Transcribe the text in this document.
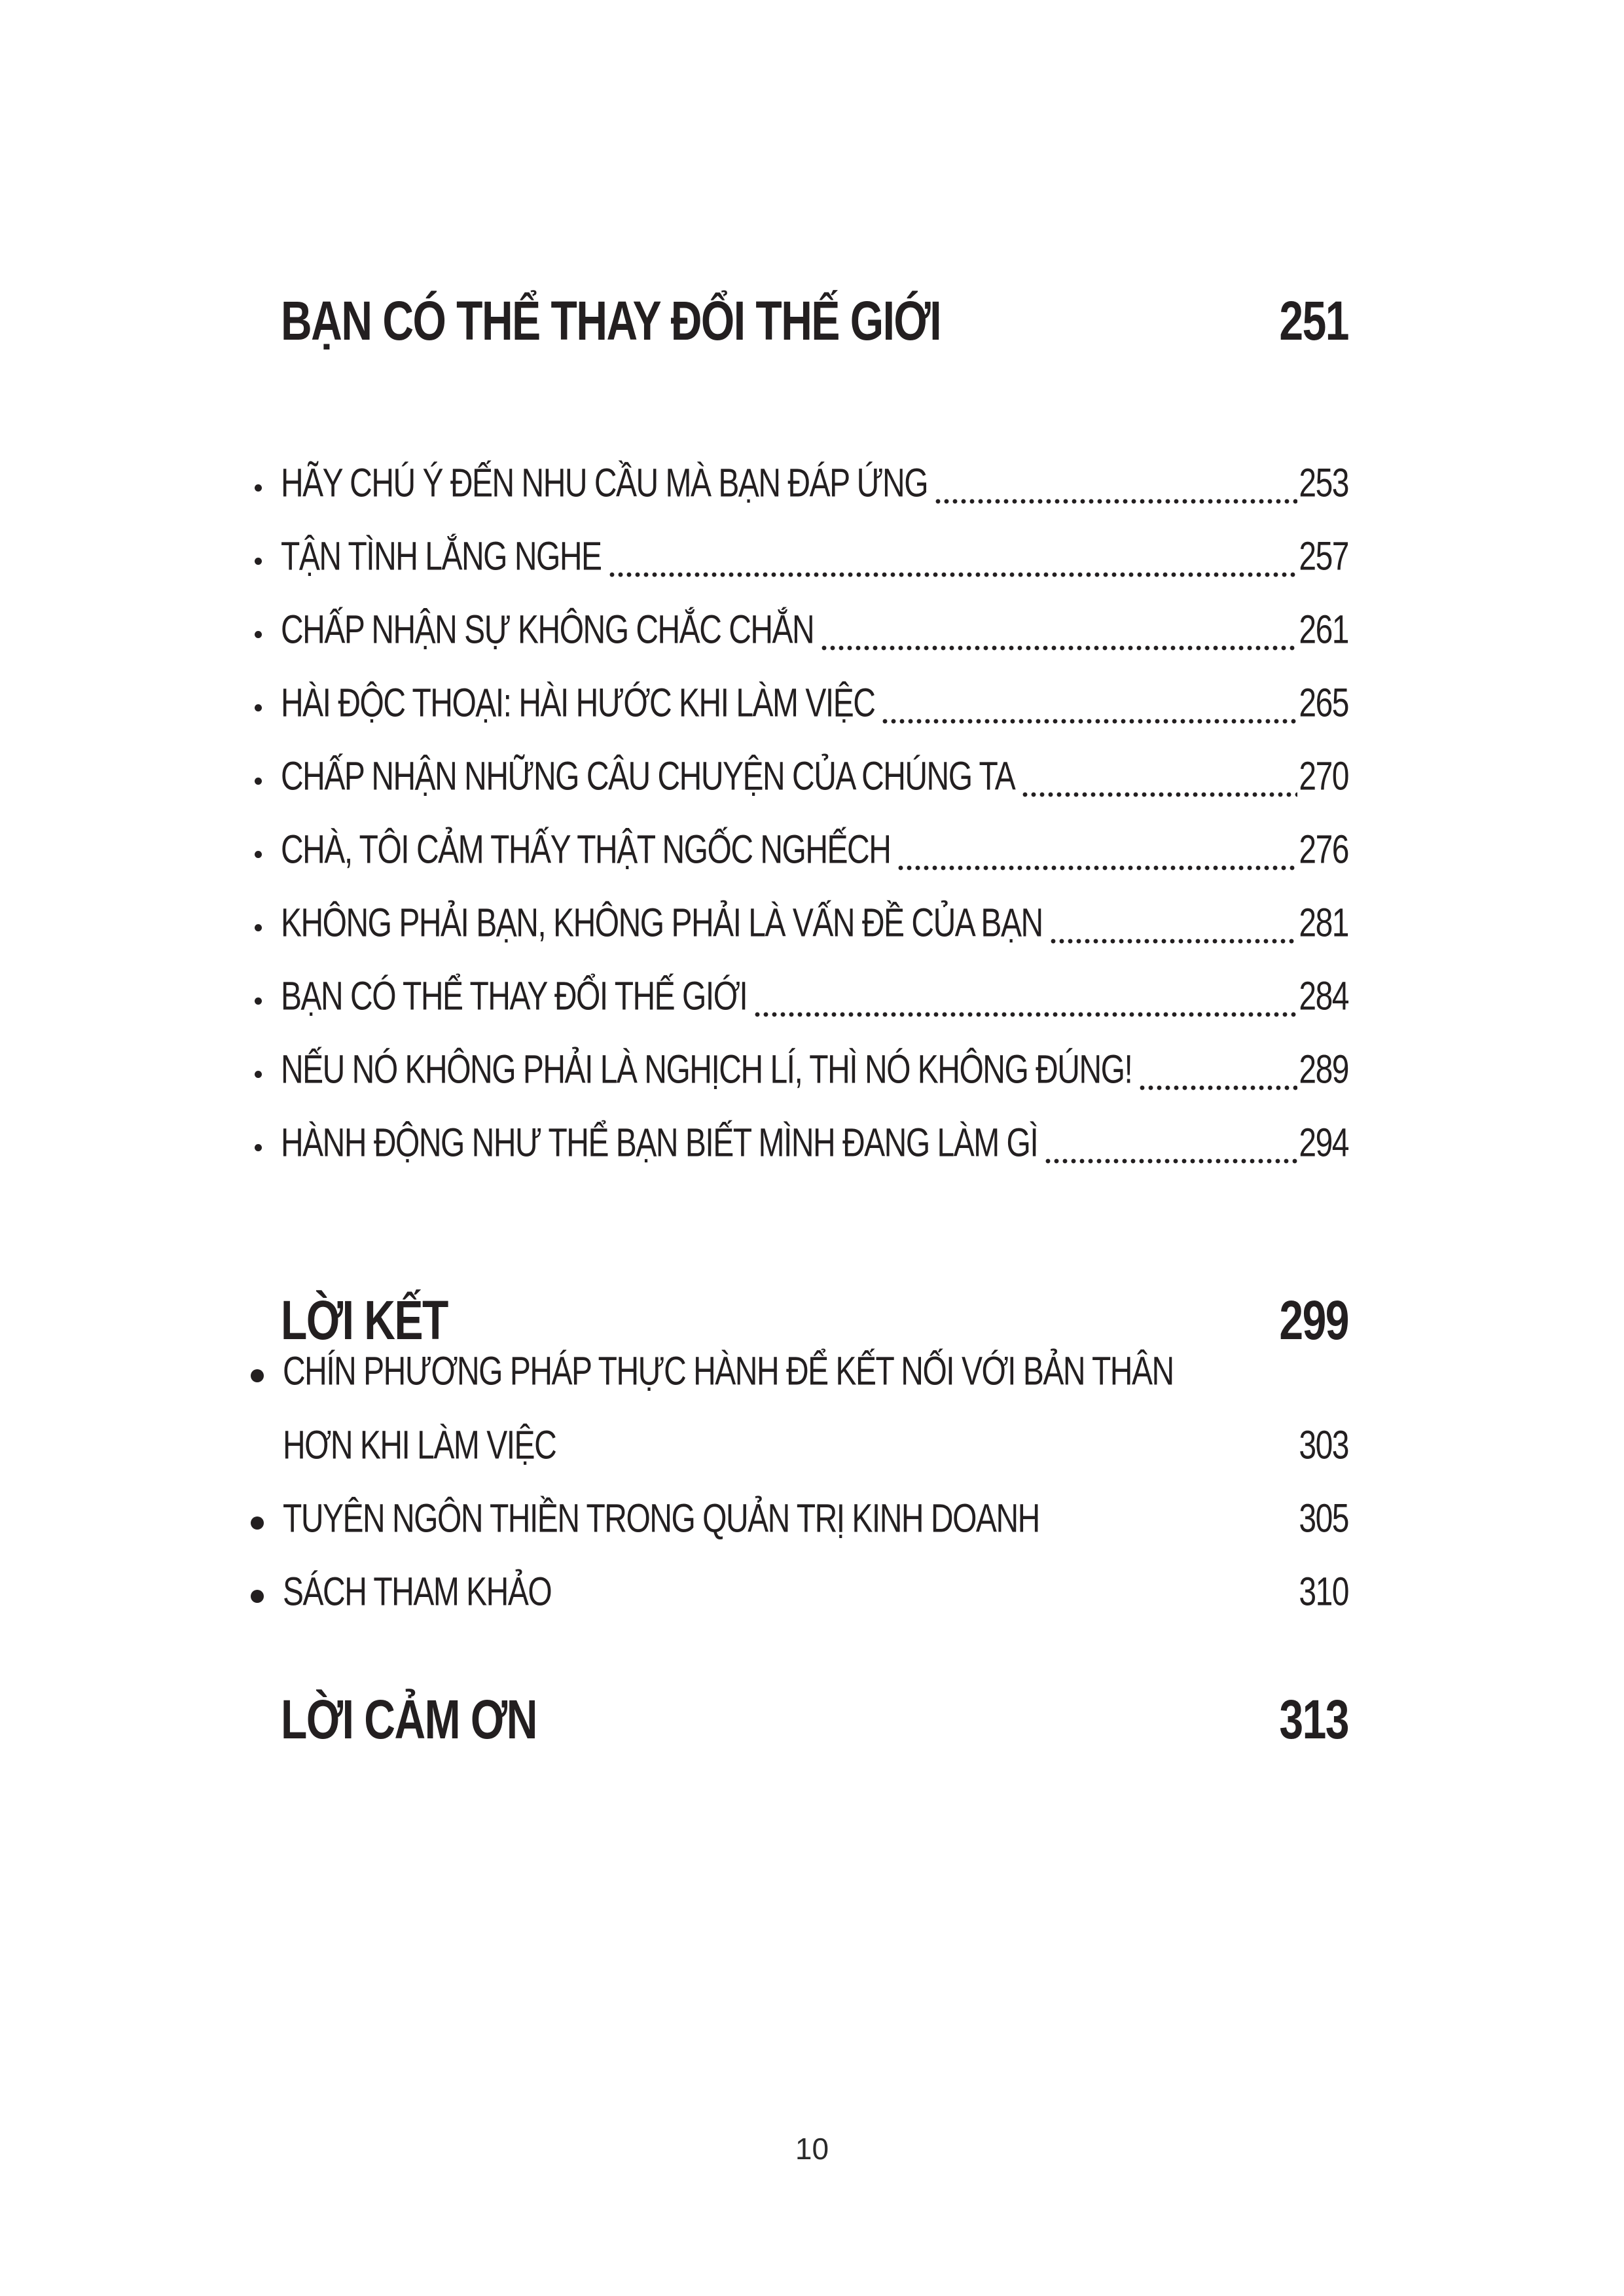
BẠN CÓ THỂ THAY ĐỔI THẾ GIỚI	251
HÃY CHÚ Ý ĐẾN NHU CẦU MÀ BẠN ĐÁP ỨNG	253
TẬN TÌNH LẮNG NGHE	257
CHẤP NHẬN SỰ KHÔNG CHẮC CHẮN	261
HÀI ĐỘC THOẠI: HÀI HƯỚC KHI LÀM VIỆC	265
CHẤP NHẬN NHỮNG CÂU CHUYỆN CỦA CHÚNG TA	270
CHÀ, TÔI CẢM THẤY THẬT NGỐC NGHẾCH	276
KHÔNG PHẢI BẠN, KHÔNG PHẢI LÀ VẤN ĐỀ CỦA BẠN	281
BẠN CÓ THỂ THAY ĐỔI THẾ GIỚI	284
NẾU NÓ KHÔNG PHẢI LÀ NGHỊCH LÍ, THÌ NÓ KHÔNG ĐÚNG!	289
HÀNH ĐỘNG NHƯ THỂ BẠN BIẾT MÌNH ĐANG LÀM GÌ	294
LỜI KẾT	299
CHÍN PHƯƠNG PHÁP THỰC HÀNH ĐỂ KẾT NỐI VỚI BẢN THÂN
HƠN KHI LÀM VIỆC	303
TUYÊN NGÔN THIỀN TRONG QUẢN TRỊ KINH DOANH	305
SÁCH THAM KHẢO	310
LỜI CẢM ƠN	313
10
